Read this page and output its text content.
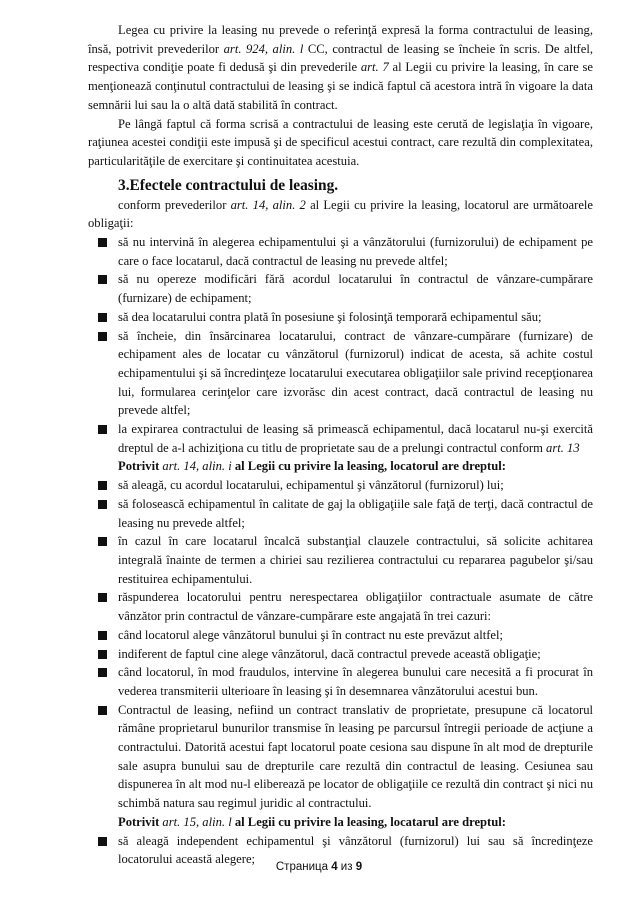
Legea cu privire la leasing nu prevede o referinţă expresă la forma contractului de leasing, însă, potrivit prevederilor art. 924, alin. l CC, contractul de leasing se încheie în scris. De altfel, respectiva condiţie poate fi dedusă şi din prevederile art. 7 al Legii cu privire la leasing, în care se menţionează conţinutul contractului de leasing şi se indică faptul că acestora intră în vigoare la data semnării lui sau la o altă dată stabilită în contract.

Pe lângă faptul că forma scrisă a contractului de leasing este cerută de legislaţia în vigoare, raţiunea acestei condiţii este impusă şi de specificul acestui contract, care rezultă din complexitatea, particularităţile de exercitare şi continuitatea acestuia.

3.Efectele contractului de leasing.

conform prevederilor art. 14, alin. 2 al Legii cu privire la leasing, locatorul are următoarele obligaţii:

să nu intervină în alegerea echipamentului şi a vânzătorului (furnizorului) de echipament pe care o face locatarul, dacă contractul de leasing nu prevede altfel;
să nu opereze modificări fără acordul locatarului în contractul de vânzare-cumpărare (furnizare) de echipament;
să dea locatarului contra plată în posesiune şi folosinţă temporară echipamentul său;
să încheie, din însărcinarea locatarului, contract de vânzare-cumpărare (furnizare) de echipament ales de locatar cu vânzătorul (furnizorul) indicat de acesta, să achite costul echipamentului şi să încredinţeze locatarului executarea obligaţiilor sale privind recepţionarea lui, formularea cerinţelor care izvorăsc din acest contract, dacă contractul de leasing nu prevede altfel;
la expirarea contractului de leasing să primească echipamentul, dacă locatarul nu-şi exercită dreptul de a-l achiziţiona cu titlu de proprietate sau de a prelungi contractul conform art. 13
Potrivit art. 14, alin. i al Legii cu privire la leasing, locatorul are dreptul:
să aleagă, cu acordul locatarului, echipamentul şi vânzătorul (furnizorul) lui;
să folosească echipamentul în calitate de gaj la obligaţiile sale faţă de terţi, dacă contractul de leasing nu prevede altfel;
în cazul în care locatarul încalcă substanţial clauzele contractului, să solicite achitarea integrală înainte de termen a chiriei sau rezilierea contractului cu repararea pagubelor şi/sau restituirea echipamentului.
răspunderea locatorului pentru nerespectarea obligaţiilor contractuale asumate de către vânzător prin contractul de vânzare-cumpărare este angajată în trei cazuri:
când locatorul alege vânzătorul bunului şi în contract nu este prevăzut altfel;
indiferent de faptul cine alege vânzătorul, dacă contractul prevede această obligaţie;
când locatorul, în mod fraudulos, intervine în alegerea bunului care necesită a fi procurat în vederea transmiterii ulterioare în leasing şi în desemnarea vânzătorului acestui bun.
Contractul de leasing, nefiind un contract translativ de proprietate, presupune că locatorul rămâne proprietarul bunurilor transmise în leasing pe parcursul întregii perioade de acţiune a contractului. Datorită acestui fapt locatorul poate cesiona sau dispune în alt mod de drepturile sale asupra bunului sau de drepturile care rezultă din contractul de leasing. Cesiunea sau dispunerea în alt mod nu-l eliberează pe locator de obligaţiile ce rezultă din contract şi nici nu schimbă natura sau regimul juridic al contractului.
Potrivit art. 15, alin. l al Legii cu privire la leasing, locatarul are dreptul:
să aleagă independent echipamentul şi vânzătorul (furnizorul) lui sau să încredinţeze locatorului această alegere;
Страница 4 из 9
